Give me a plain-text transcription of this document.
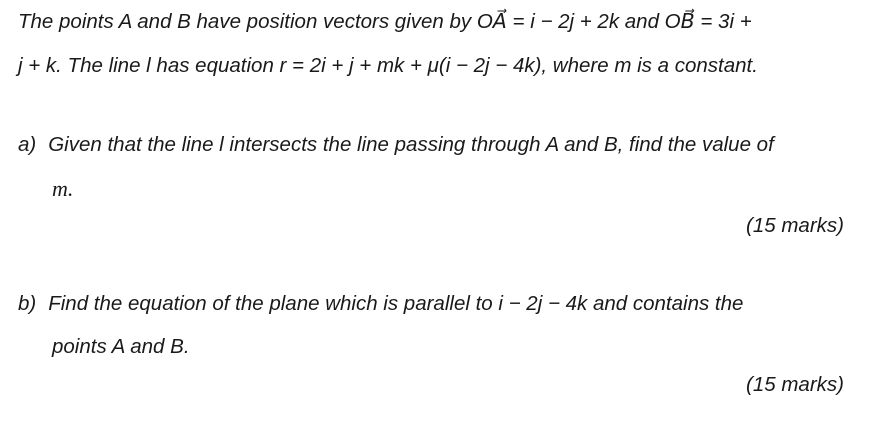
The points A and B have position vectors given by OA⃗ = i − 2j + 2k and OB⃗ = 3i +
j + k. The line l has equation r = 2i + j + mk + μ(i − 2j − 4k), where m is a constant.
a) Given that the line l intersects the line passing through A and B, find the value of
m.
(15 marks)
b) Find the equation of the plane which is parallel to i − 2j − 4k and contains the
points A and B.
(15 marks)
